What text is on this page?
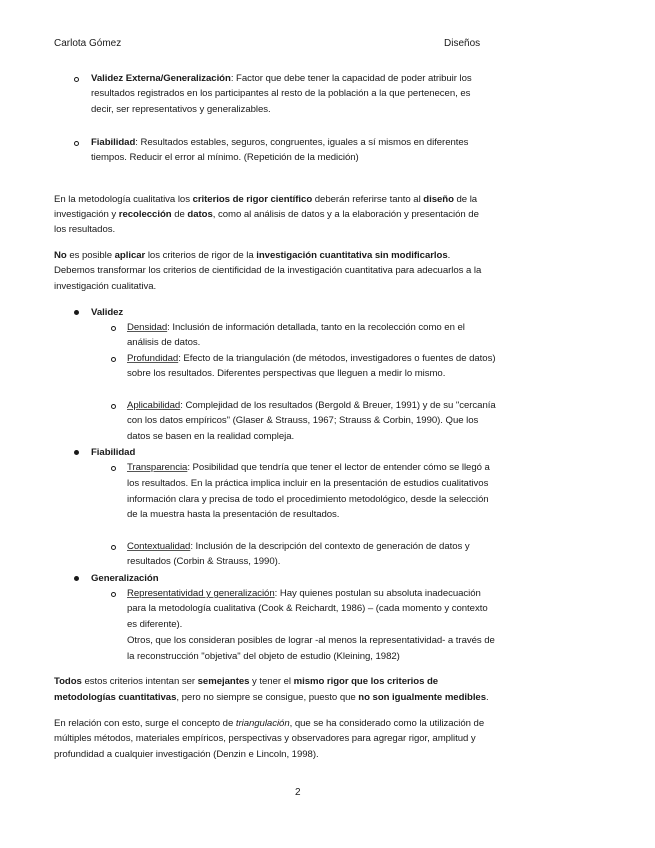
Carlota Gómez	Diseños
Validez Externa/Generalización: Factor que debe tener la capacidad de poder atribuir los
resultados registrados en los participantes al resto de la población a la que pertenecen, es
decir, ser representativos y generalizables.
Fiabilidad: Resultados estables, seguros, congruentes, iguales a sí mismos en diferentes
tiempos. Reducir el error al mínimo. (Repetición de la medición)
En la metodología cualitativa los criterios de rigor científico deberán referirse tanto al diseño de la
investigación y recolección de datos, como al análisis de datos y a la elaboración y presentación de
los resultados.
No es posible aplicar los criterios de rigor de la investigación cuantitativa sin modificarlos.
Debemos transformar los criterios de cientificidad de la investigación cuantitativa para adecuarlos a la
investigación cualitativa.
Validez
Densidad: Inclusión de información detallada, tanto en la recolección como en el
análisis de datos.
Profundidad: Efecto de la triangulación (de métodos, investigadores o fuentes de datos)
sobre los resultados. Diferentes perspectivas que lleguen a medir lo mismo.
Aplicabilidad: Complejidad de los resultados (Bergold & Breuer, 1991) y de su "cercanía
con los datos empíricos" (Glaser & Strauss, 1967; Strauss & Corbin, 1990). Que los
datos se basen en la realidad compleja.
Fiabilidad
Transparencia: Posibilidad que tendría que tener el lector de entender cómo se llegó a
los resultados. En la práctica implica incluir en la presentación de estudios cualitativos
información clara y precisa de todo el procedimiento metodológico, desde la selección
de la muestra hasta la presentación de resultados.
Contextualidad: Inclusión de la descripción del contexto de generación de datos y
resultados (Corbin & Strauss, 1990).
Generalización
Representatividad y generalización: Hay quienes postulan su absoluta inadecuación
para la metodología cualitativa (Cook & Reichardt, 1986) – (cada momento y contexto
es diferente).
Otros, que los consideran posibles de lograr -al menos la representatividad- a través de
la reconstrucción "objetiva" del objeto de estudio (Kleining, 1982)
Todos estos criterios intentan ser semejantes y tener el mismo rigor que los criterios de
metodologías cuantitativas, pero no siempre se consigue, puesto que no son igualmente medibles.
En relación con esto, surge el concepto de triangulación, que se ha considerado como la utilización de
múltiples métodos, materiales empíricos, perspectivas y observadores para agregar rigor, amplitud y
profundidad a cualquier investigación (Denzin e Lincoln, 1998).
2
